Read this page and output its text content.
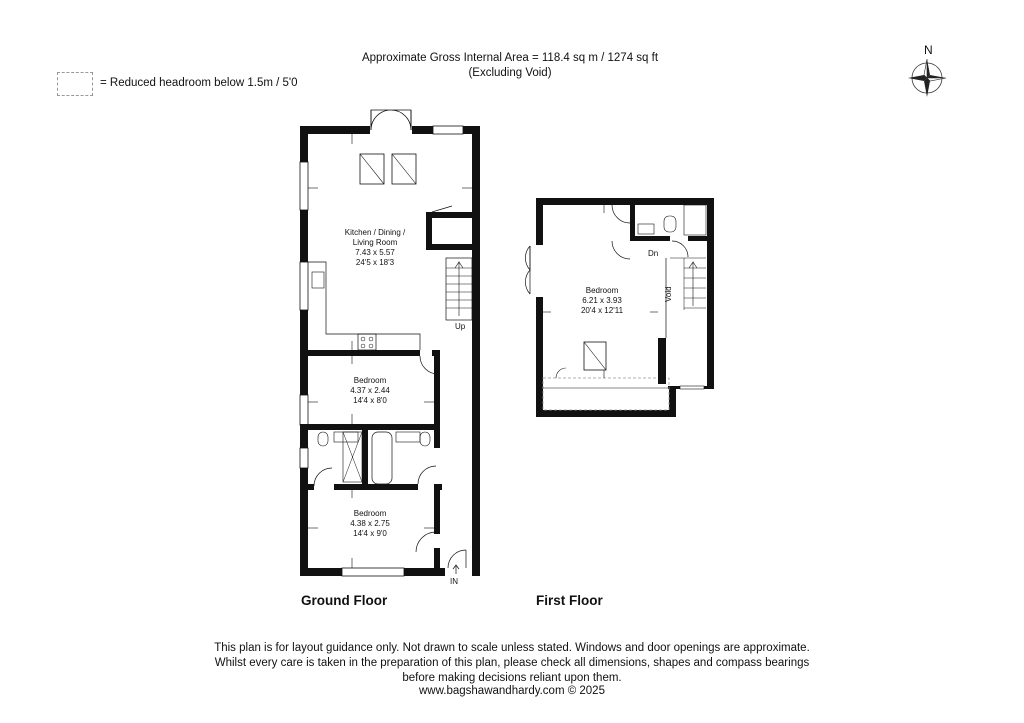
Approximate Gross Internal Area = 118.4 sq m / 1274 sq ft
(Excluding Void)
= Reduced headroom below 1.5m / 5'0
N
Kitchen / Dining /
Living Room
7.43 x 5.57
24'5 x 18'3
Up
Bedroom
4.37 x 2.44
14'4 x 8'0
Bedroom
4.38 x 2.75
14'4 x 9'0
IN
Bedroom
6.21 x 3.93
20'4 x 12'11
Dn
Void
Ground Floor	First Floor
This plan is for layout guidance only. Not drawn to scale unless stated. Windows and door openings are approximate.
Whilst every care is taken in the preparation of this plan, please check all dimensions, shapes and compass bearings
before making decisions reliant upon them.
www.bagshawandhardy.com © 2025
